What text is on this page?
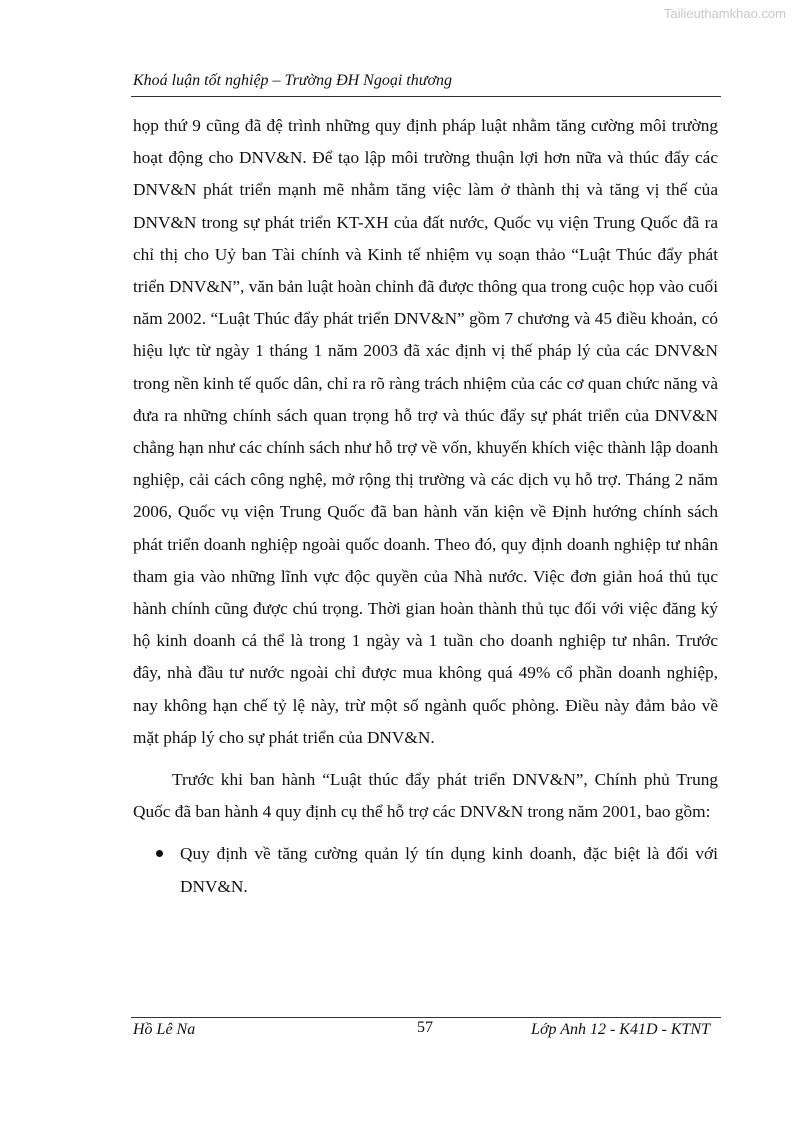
Tailieuthamkhao.com
Khoá luận tốt nghiệp – Trường ĐH Ngoại thương

họp thứ 9 cũng đã đệ trình những quy định pháp luật nhằm tăng cường môi trường hoạt động cho DNV&N. Để tạo lập môi trường thuận lợi hơn nữa và thúc đẩy các DNV&N phát triển mạnh mẽ nhằm tăng việc làm ở thành thị và tăng vị thế của DNV&N trong sự phát triển KT-XH của đất nước, Quốc vụ viện Trung Quốc đã ra chỉ thị cho Uỷ ban Tài chính và Kinh tế nhiệm vụ soạn thảo “Luật Thúc đẩy phát triển DNV&N”, văn bản luật hoàn chỉnh đã được thông qua trong cuộc họp vào cuối năm 2002. “Luật Thúc đẩy phát triển DNV&N” gồm 7 chương và 45 điều khoản, có hiệu lực từ ngày 1 tháng 1 năm 2003 đã xác định vị thế pháp lý của các DNV&N trong nền kinh tế quốc dân, chỉ ra rõ ràng trách nhiệm của các cơ quan chức năng và đưa ra những chính sách quan trọng hỗ trợ và thúc đẩy sự phát triển của DNV&N chẳng hạn như các chính sách như hỗ trợ về vốn, khuyến khích việc thành lập doanh nghiệp, cải cách công nghệ, mở rộng thị trường và các dịch vụ hỗ trợ. Tháng 2 năm 2006, Quốc vụ viện Trung Quốc đã ban hành văn kiện về Định hướng chính sách phát triển doanh nghiệp ngoài quốc doanh. Theo đó, quy định doanh nghiệp tư nhân tham gia vào những lĩnh vực độc quyền của Nhà nước. Việc đơn giản hoá thủ tục hành chính cũng được chú trọng. Thời gian hoàn thành thủ tục đối với việc đăng ký hộ kinh doanh cá thể là trong 1 ngày và 1 tuần cho doanh nghiệp tư nhân. Trước đây, nhà đầu tư nước ngoài chỉ được mua không quá 49% cổ phần doanh nghiệp, nay không hạn chế tỷ lệ này, trừ một số ngành quốc phòng. Điều này đảm bảo về mặt pháp lý cho sự phát triển của DNV&N.

Trước khi ban hành “Luật thúc đẩy phát triển DNV&N”, Chính phủ Trung Quốc đã ban hành 4 quy định cụ thể hỗ trợ các DNV&N trong năm 2001, bao gồm:

Quy định về tăng cường quản lý tín dụng kinh doanh, đặc biệt là đối với DNV&N.
Hồ Lê Na	57	Lớp Anh 12 - K41D - KTNT
